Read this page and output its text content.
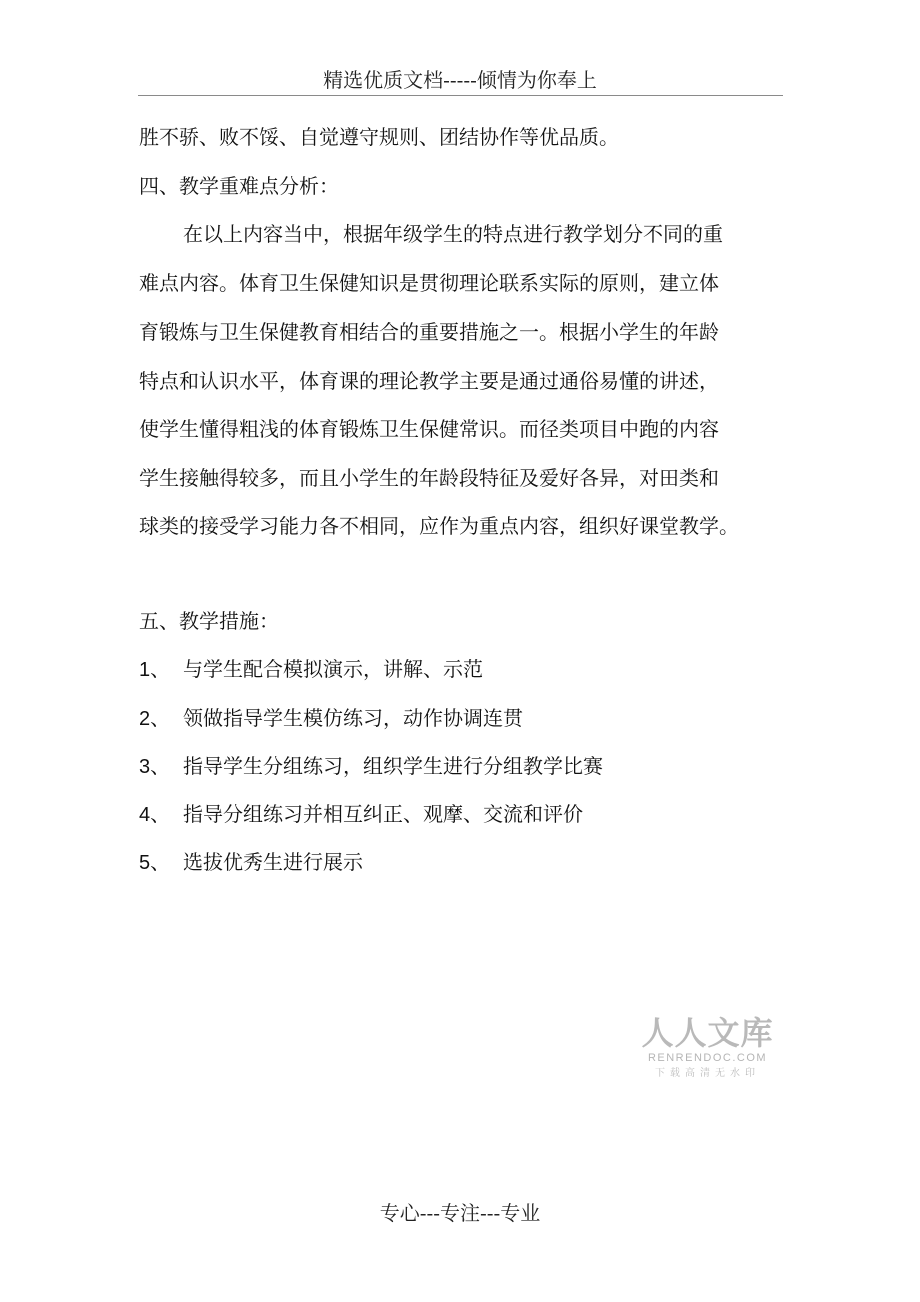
精选优质文档-----倾情为你奉上
胜不骄、败不馁、自觉遵守规则、团结协作等优品质。
四、教学重难点分析：
在以上内容当中，根据年级学生的特点进行教学划分不同的重
难点内容。体育卫生保健知识是贯彻理论联系实际的原则，建立体
育锻炼与卫生保健教育相结合的重要措施之一。根据小学生的年龄
特点和认识水平，体育课的理论教学主要是通过通俗易懂的讲述，
使学生懂得粗浅的体育锻炼卫生保健常识。而径类项目中跑的内容
学生接触得较多，而且小学生的年龄段特征及爱好各异，对田类和
球类的接受学习能力各不相同，应作为重点内容，组织好课堂教学。
五、教学措施：
1、 与学生配合模拟演示，讲解、示范
2、 领做指导学生模仿练习，动作协调连贯
3、 指导学生分组练习，组织学生进行分组教学比赛
4、 指导分组练习并相互纠正、观摩、交流和评价
5、 选拔优秀生进行展示
人人文库
RENRENDOC.COM
下载高清无水印
专心---专注---专业
